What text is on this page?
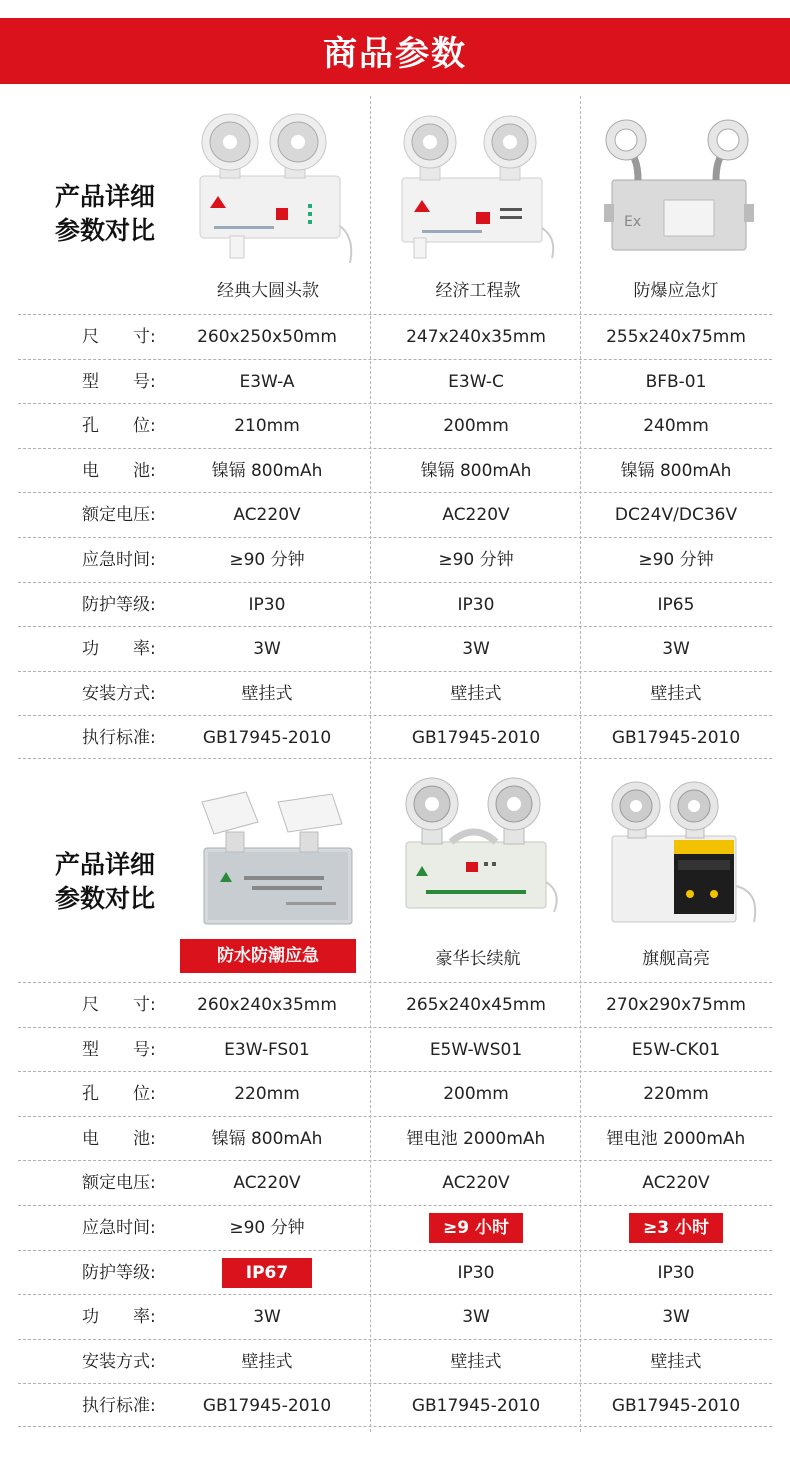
商品参数
产品详细
参数对比	Ex
经典大圆头款	经济工程款	防爆应急灯
尺　　寸:	260x250x50mm	247x240x35mm	255x240x75mm
型　　号:	E3W-A	E3W-C	BFB-01
孔　　位:	210mm	200mm	240mm
电　　池:	镍镉 800mAh	镍镉 800mAh	镍镉 800mAh
额定电压:	AC220V	AC220V	DC24V/DC36V
应急时间:	≥90 分钟	≥90 分钟	≥90 分钟
防护等级:	IP30	IP30	IP65
功　　率:	3W	3W	3W
安装方式:	壁挂式	壁挂式	壁挂式
执行标准:	GB17945-2010	GB17945-2010	GB17945-2010
产品详细
参数对比
防水防潮应急	豪华长续航	旗舰高亮
尺　　寸:	260x240x35mm	265x240x45mm	270x290x75mm
型　　号:	E3W-FS01	E5W-WS01	E5W-CK01
孔　　位:	220mm	200mm	220mm
电　　池:	镍镉 800mAh	锂电池 2000mAh	锂电池 2000mAh
额定电压:	AC220V	AC220V	AC220V
应急时间:	≥90 分钟	≥9 小时	≥3 小时
防护等级:	IP67	IP30	IP30
功　　率:	3W	3W	3W
安装方式:	壁挂式	壁挂式	壁挂式
执行标准:	GB17945-2010	GB17945-2010	GB17945-2010
